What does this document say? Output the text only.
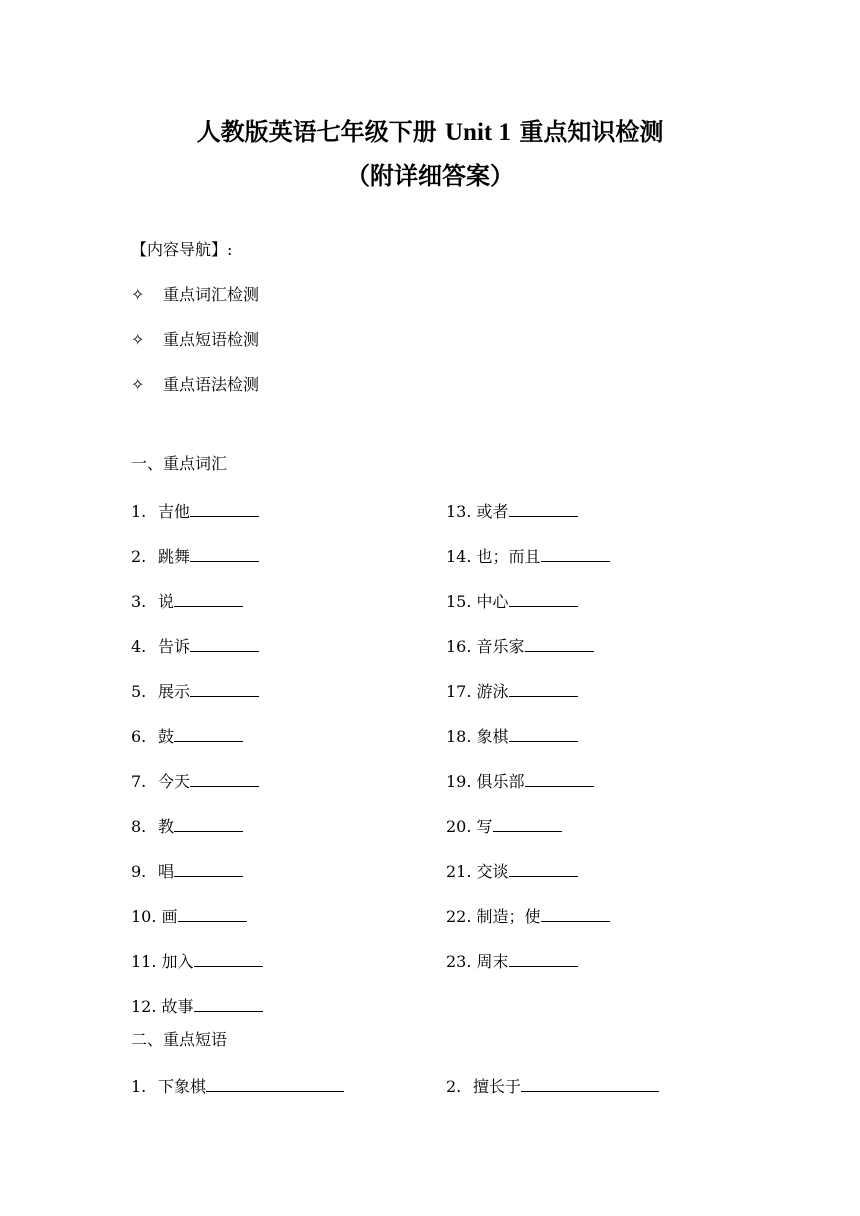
人教版英语七年级下册 Unit 1 重点知识检测
（附详细答案）
【内容导航】:
✧ 重点词汇检测
✧ 重点短语检测
✧ 重点语法检测
一、重点词汇
1. 吉他
2. 跳舞
3. 说
4. 告诉
5. 展示
6. 鼓
7. 今天
8. 教
9. 唱
10. 画
11. 加入
12. 故事
13. 或者
14. 也；而且
15. 中心
16. 音乐家
17. 游泳
18. 象棋
19. 俱乐部
20. 写
21. 交谈
22. 制造；使
23. 周末
二、重点短语
1. 下象棋	2. 擅长于
